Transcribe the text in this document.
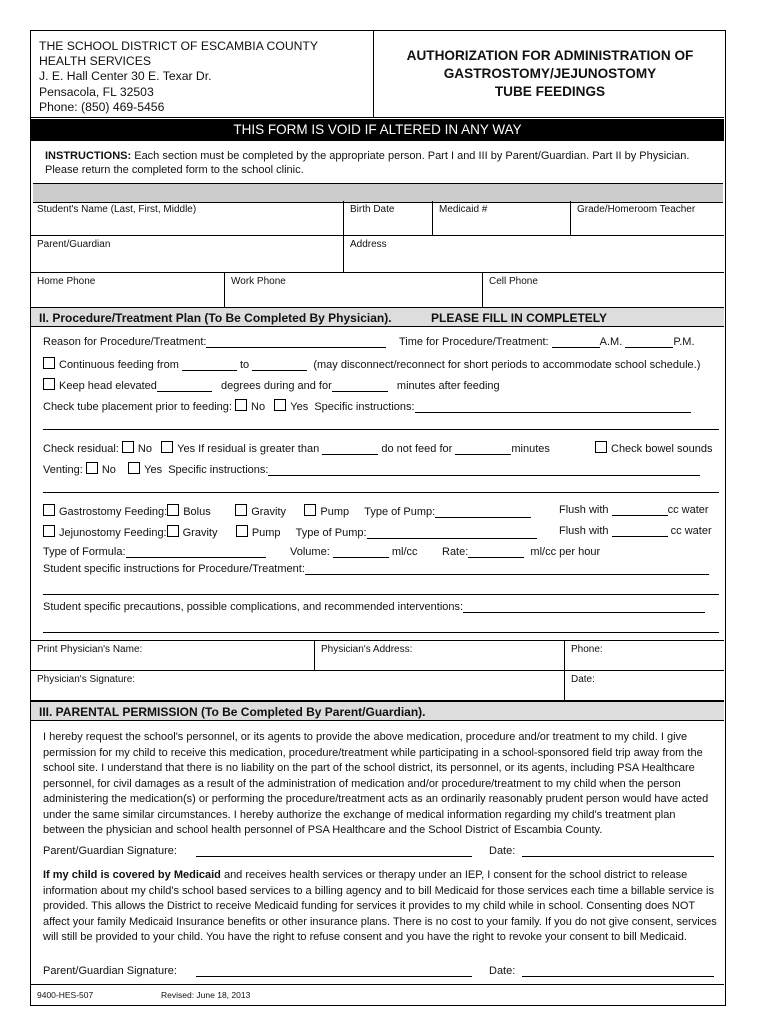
THE SCHOOL DISTRICT OF ESCAMBIA COUNTY
HEALTH SERVICES
J. E. Hall Center 30 E. Texar Dr.
Pensacola, FL 32503
Phone: (850) 469-5456
AUTHORIZATION FOR ADMINISTRATION OF
GASTROSTOMY/JEJUNOSTOMY
TUBE FEEDINGS
THIS FORM IS VOID IF ALTERED IN ANY WAY
INSTRUCTIONS: Each section must be completed by the appropriate person. Part I and III by Parent/Guardian. Part II by Physician. Please return the completed form to the school clinic.
Student's Name (Last, First, Middle)	Birth Date	Medicaid #	Grade/Homeroom Teacher
Parent/Guardian	Address
Home Phone	Work Phone	Cell Phone
II. Procedure/Treatment Plan (To Be Completed By Physician).	PLEASE FILL IN COMPLETELY
Reason for Procedure/Treatment:	Time for Procedure/Treatment:	A.M.	P.M.
Continuous feeding from	to	(may disconnect/reconnect for short periods to accommodate school schedule.)
Keep head elevated	degrees during and for	minutes after feeding
Check tube placement prior to feeding: No Yes Specific instructions:
Check residual: No Yes If residual is greater than	do not feed for	minutes	Check bowel sounds
Venting: No	Yes Specific instructions:
Gastrostomy Feeding: Bolus	Gravity	Pump Type of Pump:	Flush with	cc water
Jejunostomy Feeding: Gravity	Pump Type of Pump:	Flush with	cc water
Type of Formula:	Volume:	ml/cc Rate:	ml/cc per hour
Student specific instructions for Procedure/Treatment:
Student specific precautions, possible complications, and recommended interventions:
Print Physician's Name:	Physician's Address:	Phone:
Physician's Signature:	Date:
III. PARENTAL PERMISSION (To Be Completed By Parent/Guardian).
I hereby request the school's personnel, or its agents to provide the above medication, procedure and/or treatment to my child. I give permission for my child to receive this medication, procedure/treatment while participating in a school-sponsored field trip away from the school site. I understand that there is no liability on the part of the school district, its personnel, or its agents, including PSA Healthcare personnel, for civil damages as a result of the administration of medication and/or procedure/treatment to my child when the person administering the medication(s) or performing the procedure/treatment acts as an ordinarily reasonably prudent person would have acted under the same similar circumstances. I hereby authorize the exchange of medical information regarding my child's treatment plan between the physician and school health personnel of PSA Healthcare and the School District of Escambia County.
Parent/Guardian Signature:	Date:
If my child is covered by Medicaid and receives health services or therapy under an IEP, I consent for the school district to release information about my child's school based services to a billing agency and to bill Medicaid for those services each time a billable service is provided. This allows the District to receive Medicaid funding for services it provides to my child while in school. Consenting does NOT affect your family Medicaid Insurance benefits or other insurance plans. There is no cost to your family. If you do not give consent, services will still be provided to your child. You have the right to refuse consent and you have the right to revoke your consent to bill Medicaid.
Parent/Guardian Signature:	Date:
9400-HES-507	Revised: June 18, 2013
